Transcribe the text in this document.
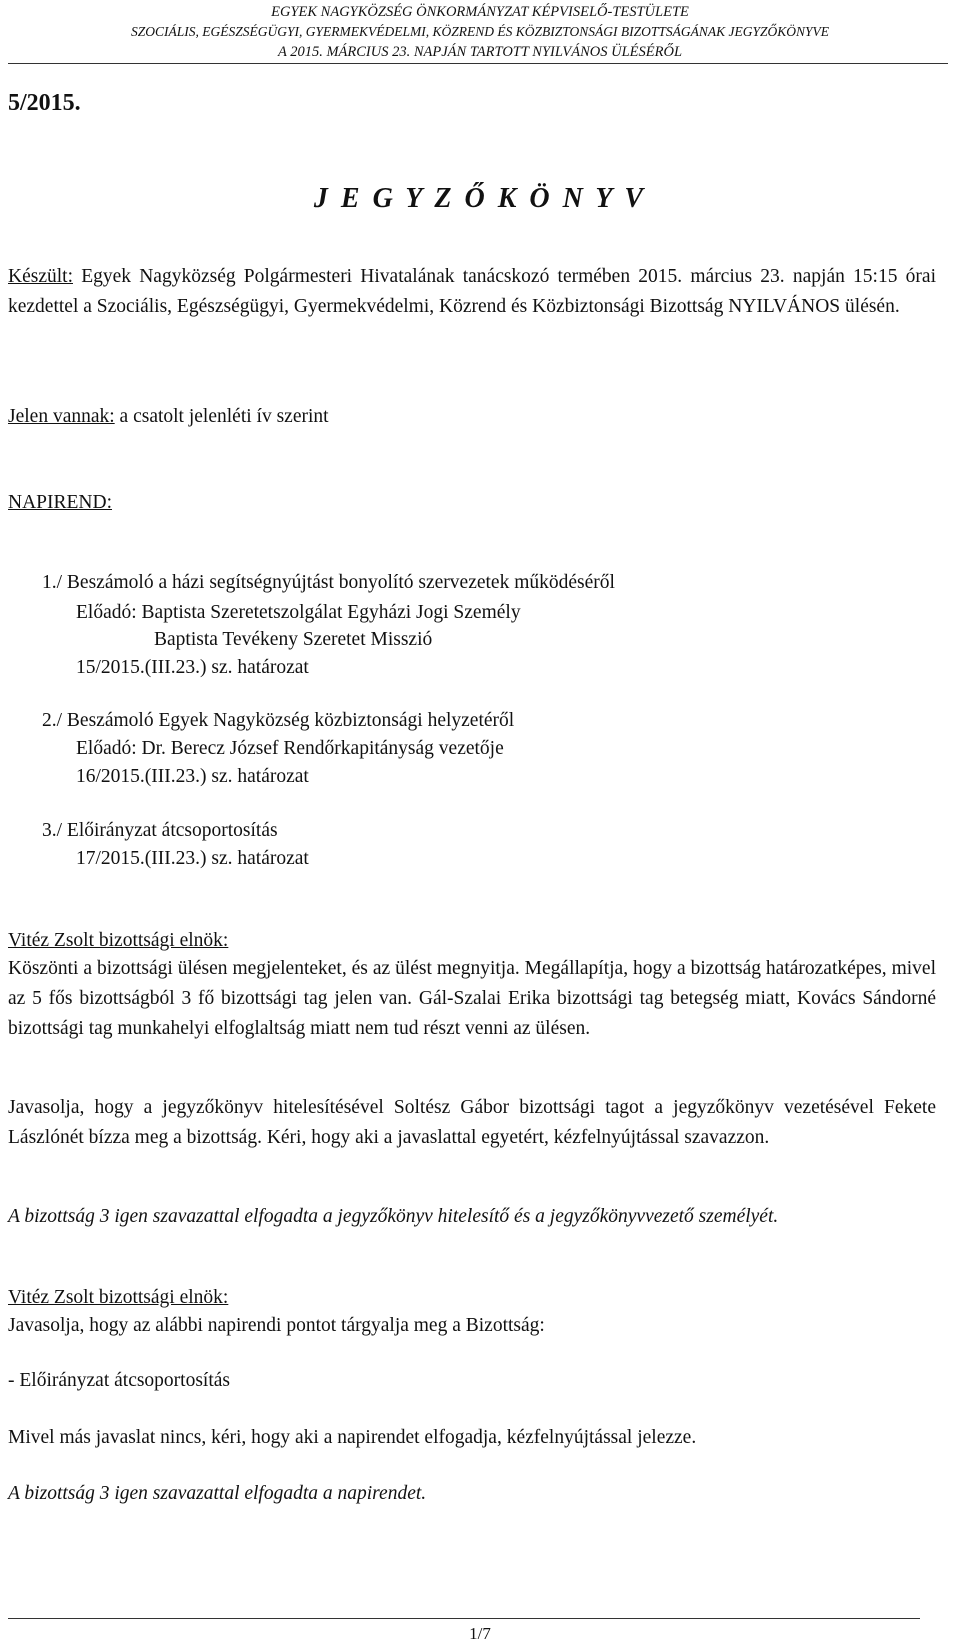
EGYEK NAGYKÖZSÉG ÖNKORMÁNYZAT KÉPVISELŐ-TESTÜLETE
SZOCIÁLIS, EGÉSZSÉGÜGYI, GYERMEKVÉDELMI, KÖZREND ÉS KÖZBIZTONSÁGI BIZOTTSÁGÁNAK JEGYZŐKÖNYVE
A 2015. MÁRCIUS 23. NAPJÁN TARTOTT NYILVÁNOS ÜLÉSÉRŐL
5/2015.
J E G Y Z Ő K Ö N Y V
Készült: Egyek Nagyközség Polgármesteri Hivatalának tanácskozó termében 2015. március 23. napján 15:15 órai kezdettel a Szociális, Egészségügyi, Gyermekvédelmi, Közrend és Közbiztonsági Bizottság NYILVÁNOS ülésén.
Jelen vannak: a csatolt jelenléti ív szerint
NAPIREND:
1./ Beszámoló a házi segítségnyújtást bonyolító szervezetek működéséről
Előadó: Baptista Szeretetszolgálat Egyházi Jogi Személy
Baptista Tevékeny Szeretet Misszió
15/2015.(III.23.) sz. határozat
2./ Beszámoló Egyek Nagyközség közbiztonsági helyzetéről
Előadó: Dr. Berecz József Rendőrkapitányság vezetője
16/2015.(III.23.) sz. határozat
3./ Előirányzat átcsoportosítás
17/2015.(III.23.) sz. határozat
Vitéz Zsolt bizottsági elnök:
Köszönti a bizottsági ülésen megjelenteket, és az ülést megnyitja. Megállapítja, hogy a bizottság határozatképes, mivel az 5 fős bizottságból 3 fő bizottsági tag jelen van. Gál-Szalai Erika bizottsági tag betegség miatt, Kovács Sándorné bizottsági tag munkahelyi elfoglaltság miatt nem tud részt venni az ülésen.
Javasolja, hogy a jegyzőkönyv hitelesítésével Soltész Gábor bizottsági tagot a jegyzőkönyv vezetésével Fekete Lászlónét bízza meg a bizottság. Kéri, hogy aki a javaslattal egyetért, kézfelnyújtással szavazzon.
A bizottság 3 igen szavazattal elfogadta a jegyzőkönyv hitelesítő és a jegyzőkönyvvezető személyét.
Vitéz Zsolt bizottsági elnök:
Javasolja, hogy az alábbi napirendi pontot tárgyalja meg a Bizottság:
- Előirányzat átcsoportosítás
Mivel más javaslat nincs, kéri, hogy aki a napirendet elfogadja, kézfelnyújtással jelezze.
A bizottság 3 igen szavazattal elfogadta a napirendet.
1/7
